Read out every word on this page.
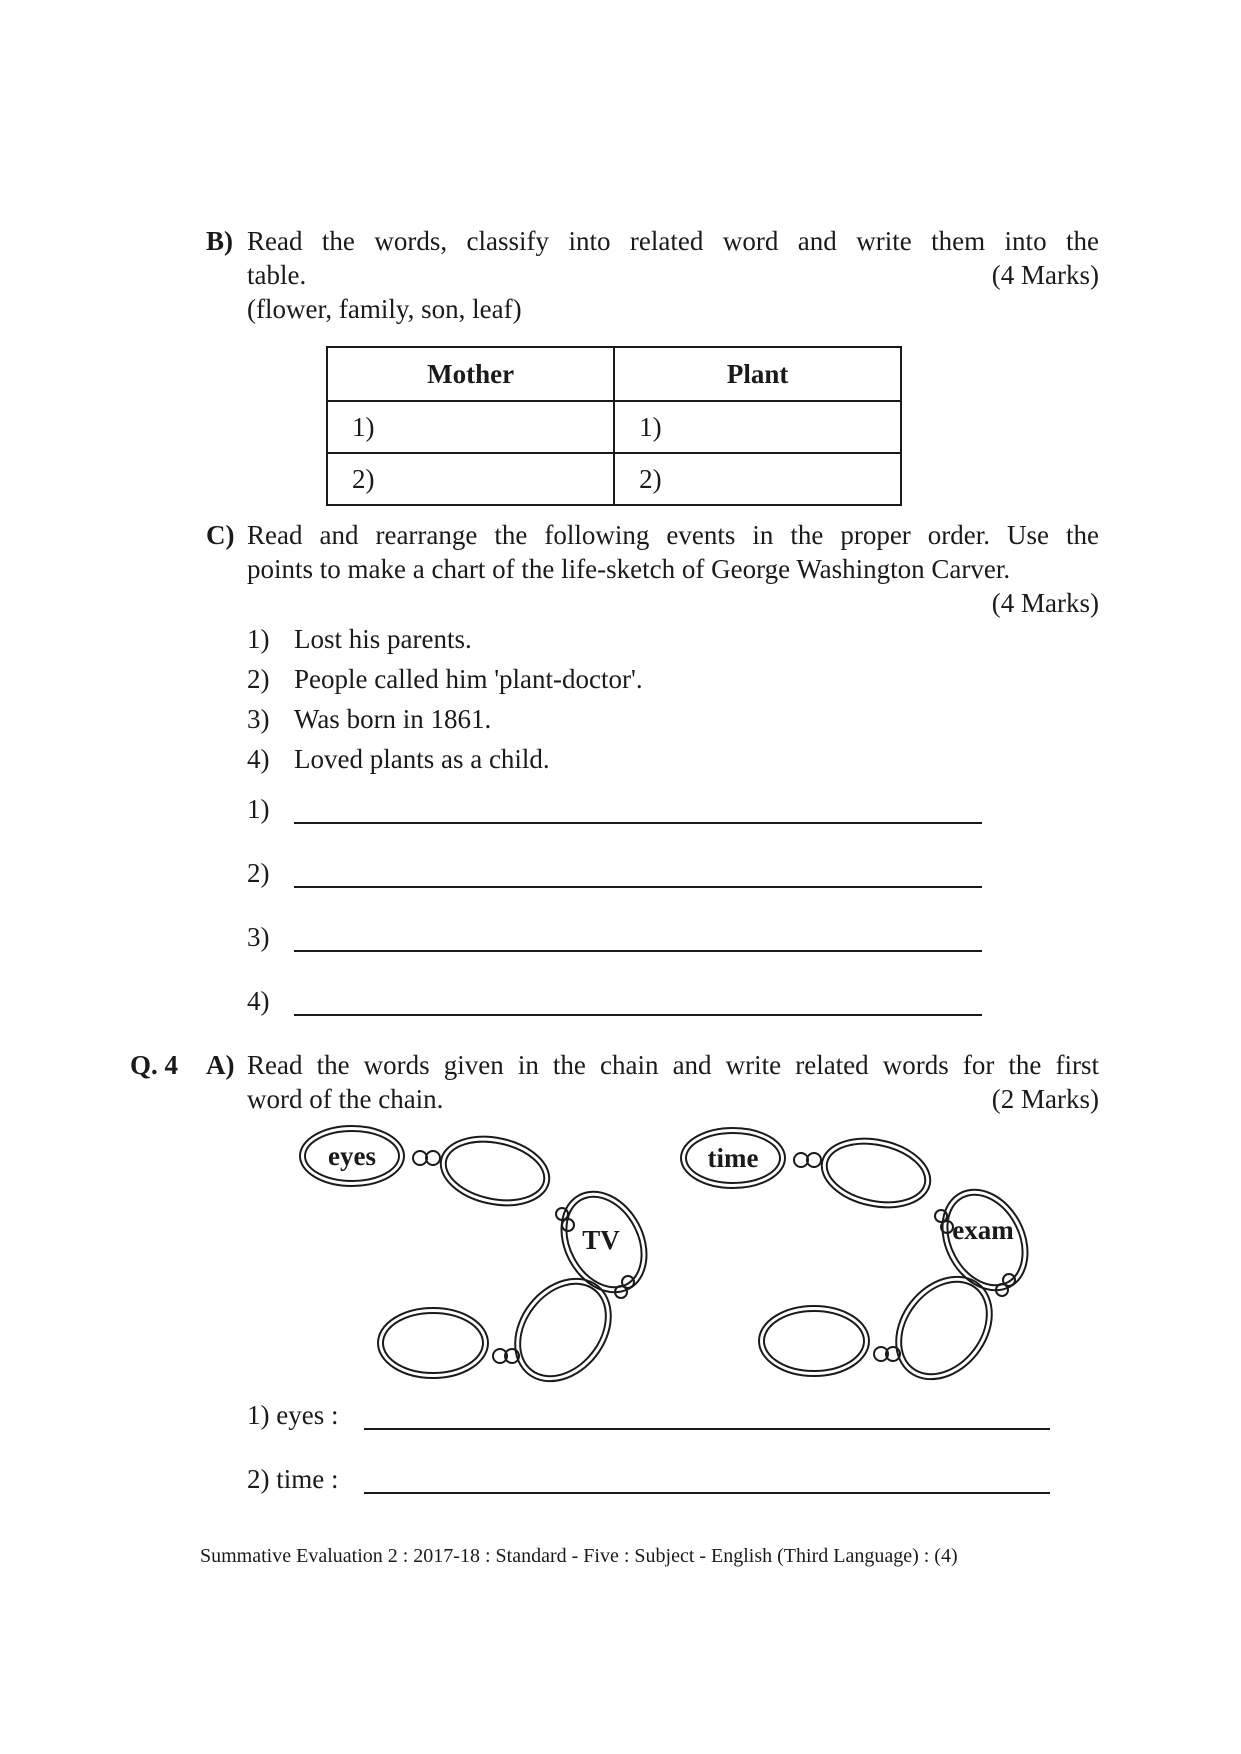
B) Read the words, classify into related word and write them into the
table.	(4 Marks)
(flower, family, son, leaf)
Mother	Plant
1)	1)
2)	2)
C) Read and rearrange the following events in the proper order. Use the
points to make a chart of the life-sketch of George Washington Carver.
(4 Marks)
1) Lost his parents.
2) People called him 'plant-doctor'.
3) Was born in 1861.
4) Loved plants as a child.
1)
2)
3)
4)
Q. 4 A) Read the words given in the chain and write related words for the first
word of the chain.	(2 Marks)
eyes
TV
time
exam
1) eyes :
2) time :
Summative Evaluation 2 : 2017-18 : Standard - Five : Subject - English (Third Language) : (4)
